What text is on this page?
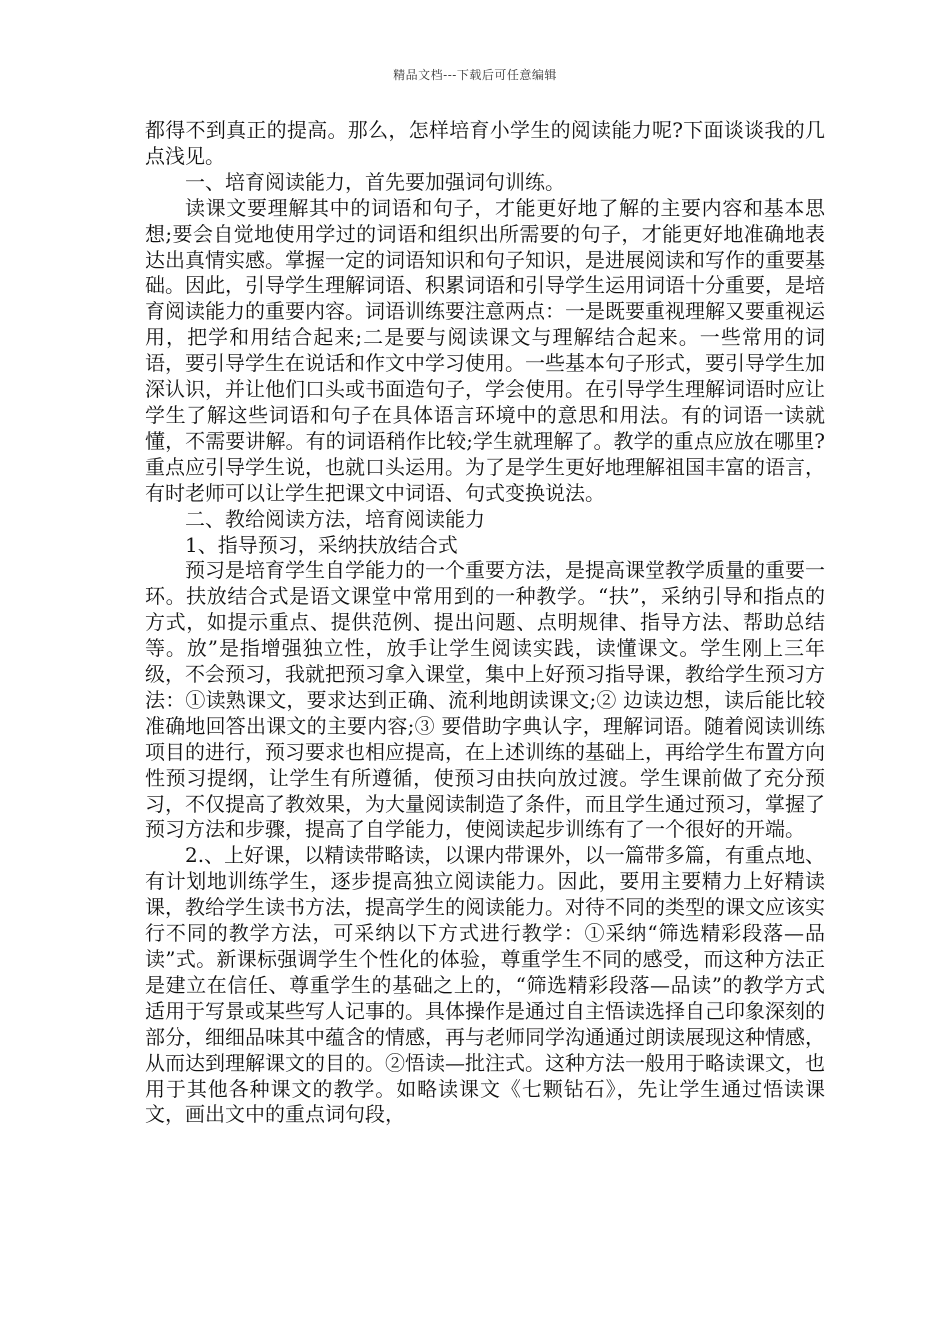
精品文档---下载后可任意编辑

都得不到真正的提高。那么，怎样培育小学生的阅读能力呢?下面谈谈我的几点浅见。

一、培育阅读能力，首先要加强词句训练。

读课文要理解其中的词语和句子，才能更好地了解的主要内容和基本思想;要会自觉地使用学过的词语和组织出所需要的句子，才能更好地准确地表达出真情实感。掌握一定的词语知识和句子知识，是进展阅读和写作的重要基础。因此，引导学生理解词语、积累词语和引导学生运用词语十分重要，是培育阅读能力的重要内容。词语训练要注意两点：一是既要重视理解又要重视运用，把学和用结合起来;二是要与阅读课文与理解结合起来。一些常用的词语，要引导学生在说话和作文中学习使用。一些基本句子形式，要引导学生加深认识，并让他们口头或书面造句子，学会使用。在引导学生理解词语时应让学生了解这些词语和句子在具体语言环境中的意思和用法。有的词语一读就懂，不需要讲解。有的词语稍作比较;学生就理解了。教学的重点应放在哪里?重点应引导学生说，也就口头运用。为了是学生更好地理解祖国丰富的语言，有时老师可以让学生把课文中词语、句式变换说法。

二、教给阅读方法，培育阅读能力

1、指导预习，采纳扶放结合式

预习是培育学生自学能力的一个重要方法，是提高课堂教学质量的重要一环。扶放结合式是语文课堂中常用到的一种教学。“扶”，采纳引导和指点的方式，如提示重点、提供范例、提出问题、点明规律、指导方法、帮助总结等。放”是指增强独立性，放手让学生阅读实践，读懂课文。学生刚上三年级，不会预习，我就把预习拿入课堂，集中上好预习指导课，教给学生预习方法：①读熟课文，要求达到正确、流利地朗读课文;② 边读边想，读后能比较准确地回答出课文的主要内容;③ 要借助字典认字，理解词语。随着阅读训练项目的进行，预习要求也相应提高，在上述训练的基础上，再给学生布置方向性预习提纲，让学生有所遵循，使预习由扶向放过渡。学生课前做了充分预习，不仅提高了教效果，为大量阅读制造了条件，而且学生通过预习，掌握了预习方法和步骤，提高了自学能力，使阅读起步训练有了一个很好的开端。

2.、上好课，以精读带略读，以课内带课外，以一篇带多篇，有重点地、有计划地训练学生，逐步提高独立阅读能力。因此，要用主要精力上好精读课，教给学生读书方法，提高学生的阅读能力。对待不同的类型的课文应该实行不同的教学方法，可采纳以下方式进行教学：①采纳“筛选精彩段落—品读”式。新课标强调学生个性化的体验，尊重学生不同的感受，而这种方法正是建立在信任、尊重学生的基础之上的，“筛选精彩段落—品读”的教学方式适用于写景或某些写人记事的。具体操作是通过自主悟读选择自己印象深刻的部分，细细品味其中蕴含的情感，再与老师同学沟通通过朗读展现这种情感，从而达到理解课文的目的。②悟读—批注式。这种方法一般用于略读课文，也用于其他各种课文的教学。如略读课文《七颗钻石》，先让学生通过悟读课文，画出文中的重点词句段，
